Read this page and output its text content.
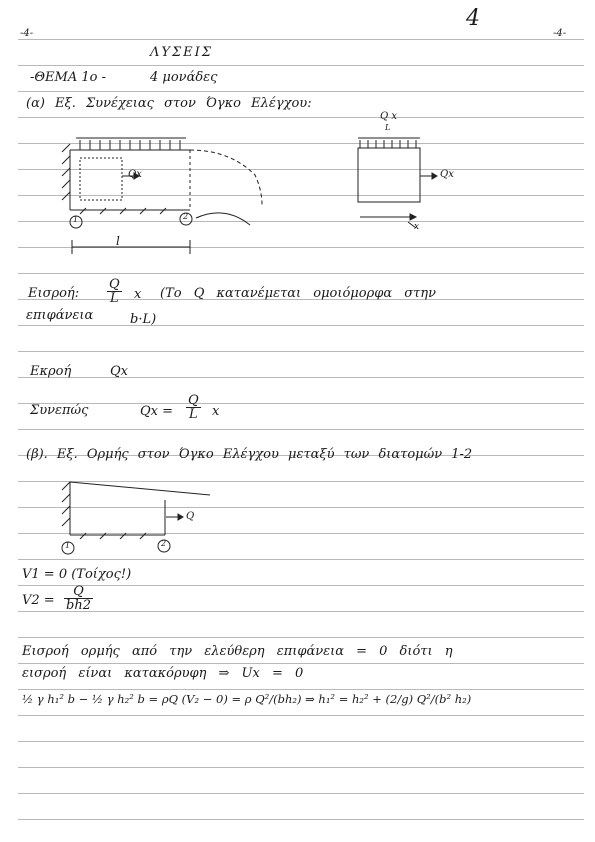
-4-
4
-4-
ΛΥΣΕΙΣ
-ΘΕΜΑ 1ο -	4 μονάδες
(α) Εξ. Συνέχειας στον Όγκο Ελέγχου:
Qx
Q x
L
Qx
1	2
l
x
Εισροή: $\frac{Q}{L}$ x (Το Q κατανέμεται ομοιόμορφα στην
επιφάνεια	b·L)
Εκροή	Qx
Συνεπώς	$Qx = \frac{Q}{L}$ x
(β). Εξ. Ορμής στον Όγκο Ελέγχου μεταξύ των διατομών 1-2
Q
1	2
V1 = 0 (Τοίχος!)
$V2 = \frac{Q}{bh2}$
Εισροή ορμής από την ελεύθερη επιφάνεια = 0 διότι η
εισροή είναι κατακόρυφη ⇒ Ux = 0
½ γ h₁² b − ½ γ h₂² b = ρQ (V₂ − 0) = ρ Q²/(bh₂) ⇒ h₁² = h₂² + (2/g) Q²/(b² h₂)
